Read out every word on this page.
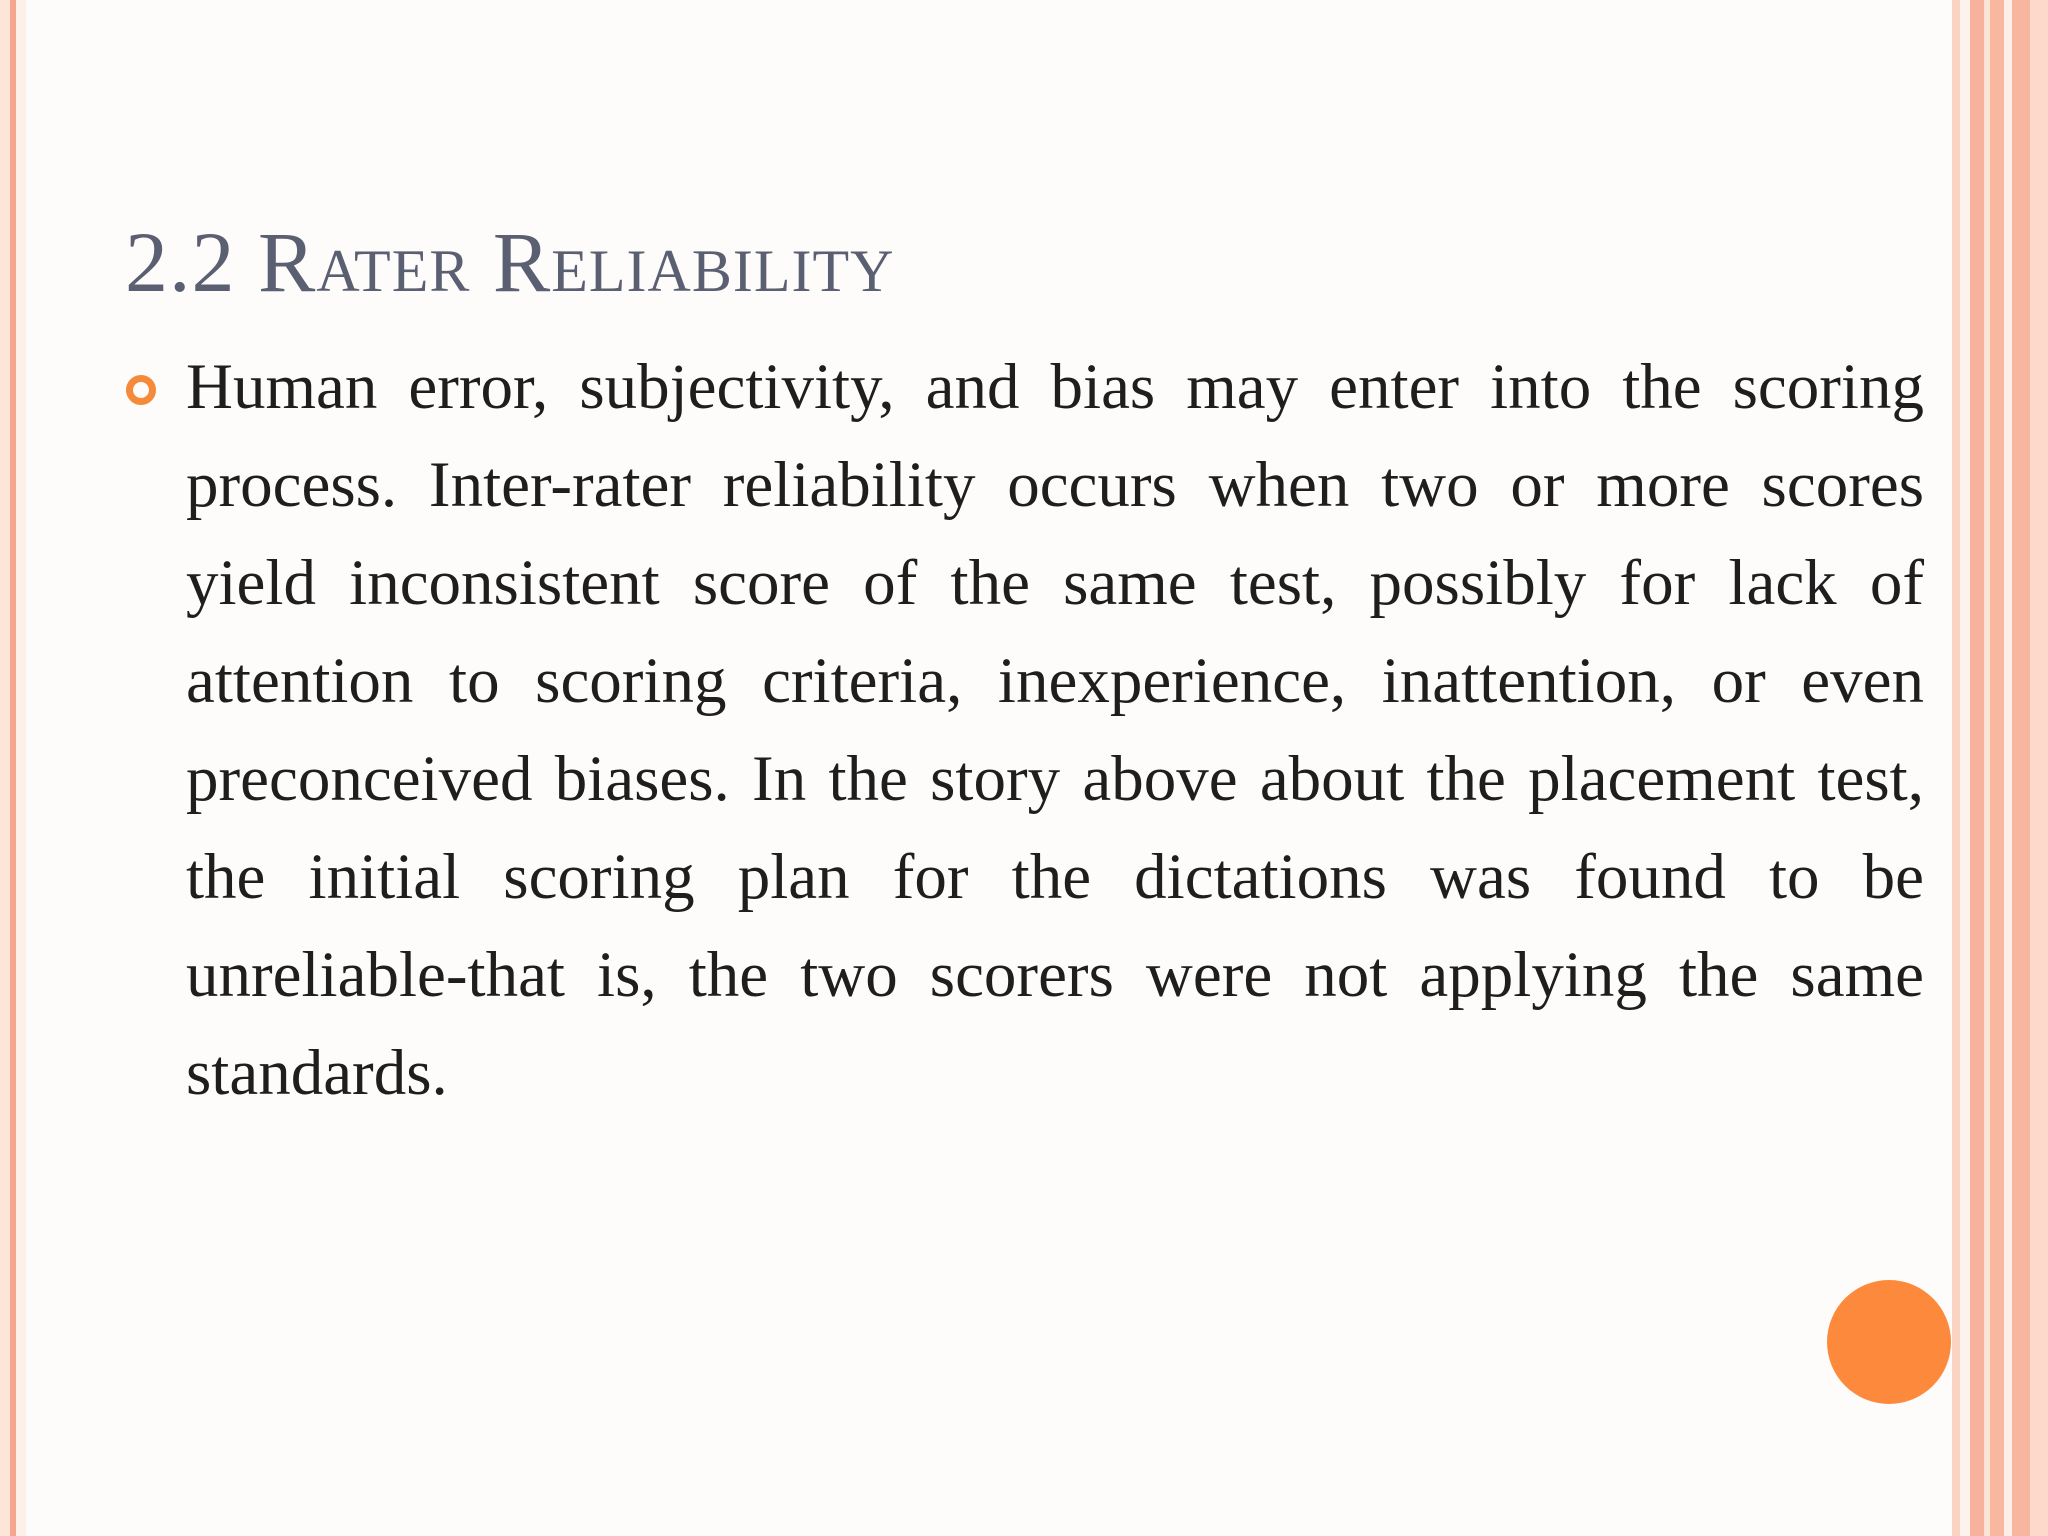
2.2 Rater Reliability

Human error, subjectivity, and bias may enter into the scoring process. Inter-rater reliability occurs when two or more scores yield inconsistent score of the same test, possibly for lack of attention to scoring criteria, inexperience, inattention, or even preconceived biases. In the story above about the placement test, the initial scoring plan for the dictations was found to be unreliable-that is, the two scorers were not applying the same standards.
